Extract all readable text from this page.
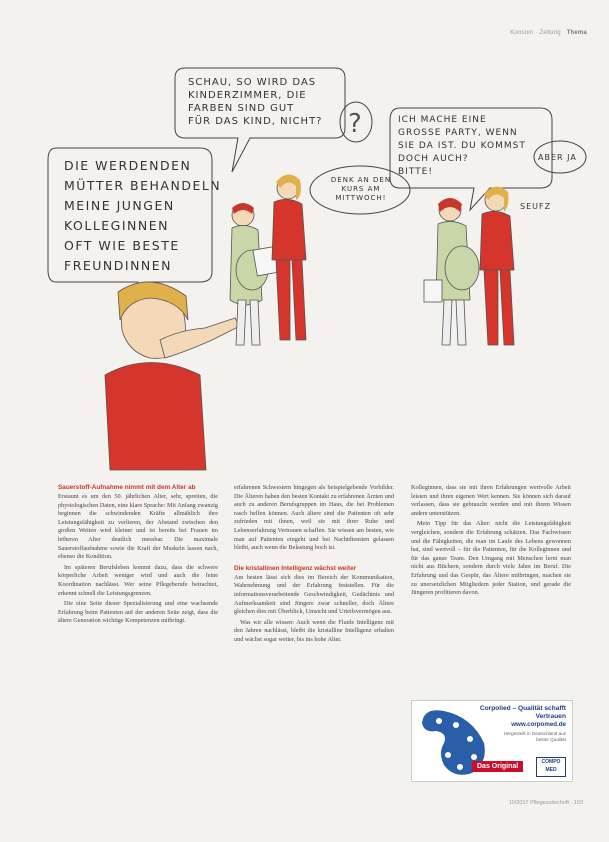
Konsum · Zeitung Thema
?
SCHAU, SO WIRD DAS
KINDERZIMMER, DIE
FARBEN SIND GUT
FÜR DAS KIND, NICHT?
DENK AN DEN
KURS AM
MITTWOCH!
ICH MACHE EINE
GROSSE PARTY, WENN
SIE DA IST. DU KOMMST
DOCH AUCH?
BITTE!
ABER JA
SEUFZ
DIE WERDENDEN
MÜTTER BEHANDELN
MEINE JUNGEN
KOLLEGINNEN
OFT WIE BESTE
FREUNDINNEN
Sauerstoff-Aufnahme nimmt mit dem Alter ab

Erstaunt es um den 50. jährlichen Alter, sehr, spreiten, die physiologischen Daten, eine klare Sprache: Mit Anfang zwanzig beginnen die schwindenden Kräfte allmählich ihre Leistungsfähigkeit zu verlieren, der Abstand zwischen den großen Weiten wird kleiner und ist bereits bei Frauen im höheren Alter deutlich messbar. Die maximale Sauerstoffaufnahme sowie die Kraft der Muskeln lassen nach, ebenso die Kondition.

Im späteren Berufsleben kommt dazu, dass die schwere körperliche Arbeit weniger wird und auch die feine Koordination nachlässt. Wer seine Pflegeberufe betrachtet, erkennt schnell die Leistungsgrenzen.

Die eine Seite dieser Spezialisierung und eine wachsende Erfahrung beim Patienten auf der anderen Seite zeigt, dass die ältere Generation wichtige Kompetenzen mitbringt.

erfahrenen Schwestern hingegen als beispielgebende Vorbilder. Die Älteren haben den besten Kontakt zu erfahrenen Ärzten und auch zu anderen Berufsgruppen im Haus, die bei Problemen rasch helfen können. Auch ältere sind die Patienten oft sehr zufrieden mit ihnen, weil sie mit ihrer Ruhe und Lebenserfahrung Vertrauen schaffen. Sie wissen am besten, wie man auf Patienten eingeht und bei Nachtdiensten gelassen bleibt, auch wenn die Belastung hoch ist.

Die kristallinen Intelligenz wächst weiter

Am besten lässt sich dies im Bereich der Kommunikation, Wahrnehmung und der Erfahrung feststellen. Für die informationsverarbeitende Geschwindigkeit, Gedächtnis und Aufmerksamkeit sind Jüngere zwar schneller, doch Ältere gleichen dies mit Überblick, Umsicht und Urteilsvermögen aus.

Was wir alle wissen: Auch wenn die Fluide Intelligenz mit den Jahren nachlässt, bleibt die kristalline Intelligenz erhalten und wächst sogar weiter, bis ins hohe Alter.

Kolleginnen, dass sie mit ihren Erfahrungen wertvolle Arbeit leisten und ihren eigenen Wert kennen. Sie können sich darauf verlassen, dass sie gebraucht werden und mit ihrem Wissen andere unterstützen.

Mein Tipp für das Alter: nicht die Leistungsfähigkeit vergleichen, sondern die Erfahrung schätzen. Das Fachwissen und die Fähigkeiten, die man im Laufe des Lebens gewonnen hat, sind wertvoll – für die Patienten, für die Kolleginnen und für das ganze Team. Den Umgang mit Menschen lernt man nicht aus Büchern, sondern durch viele Jahre im Beruf. Die Erfahrung und das Gespür, das Ältere mitbringen, machen sie zu unersetzlichen Mitgliedern jeder Station, und gerade die Jüngeren profitieren davon.

Corpolied – Qualität schafft Vertrauen
www.corpomed.de
Hergestellt in Deutschland aus bester Qualität
Das Original
COMPO MED
10/2017 Pflegezeitschrift · 103
